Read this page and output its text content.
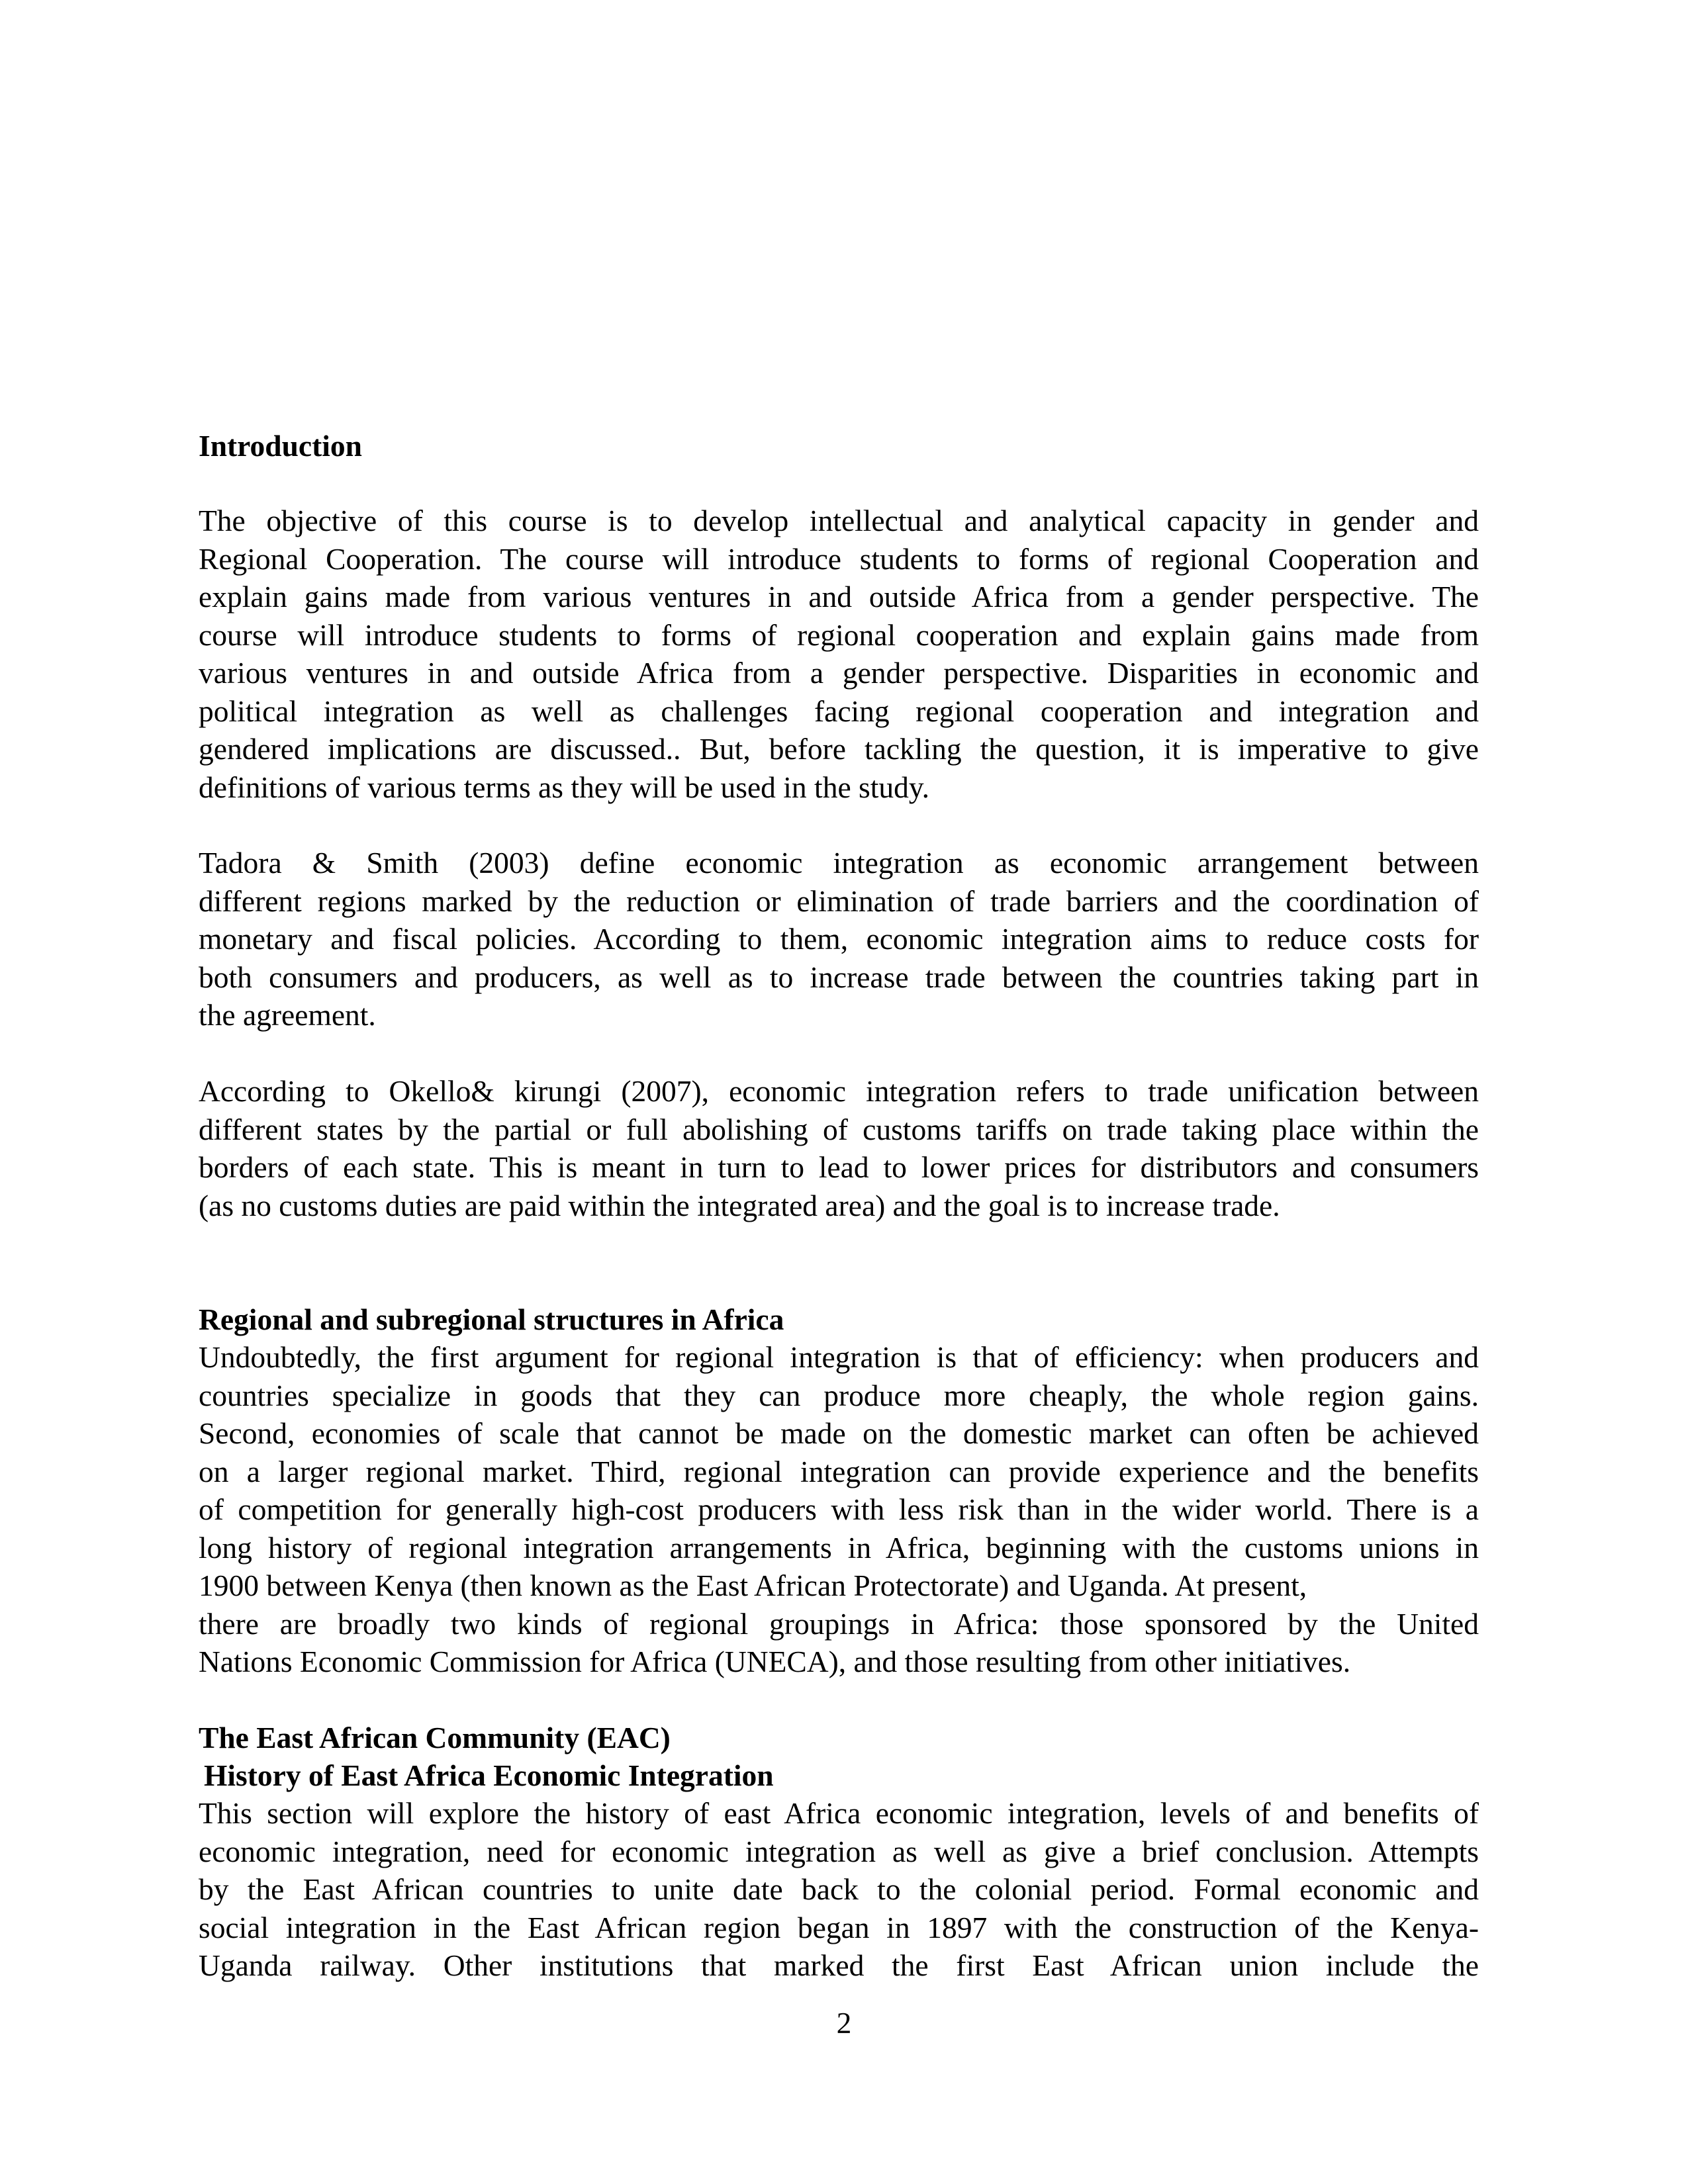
Introduction
The objective of this course is to develop intellectual and analytical capacity in gender and
Regional Cooperation. The course will introduce students to forms of regional Cooperation and
explain gains made from various ventures in and outside Africa from a gender perspective. The
course will introduce students to forms of regional cooperation and explain gains made from
various ventures in and outside Africa from a gender perspective. Disparities in economic and
political integration as well as challenges facing regional cooperation and integration and
gendered implications are discussed.. But, before tackling the question, it is imperative to give
definitions of various terms as they will be used in the study.
Tadora & Smith (2003) define economic integration as economic arrangement between
different regions marked by the reduction or elimination of trade barriers and the coordination of
monetary and fiscal policies. According to them, economic integration aims to reduce costs for
both consumers and producers, as well as to increase trade between the countries taking part in
the agreement.
According to Okello& kirungi (2007), economic integration refers to trade unification between
different states by the partial or full abolishing of customs tariffs on trade taking place within the
borders of each state. This is meant in turn to lead to lower prices for distributors and consumers
(as no customs duties are paid within the integrated area) and the goal is to increase trade.
Regional and subregional structures in Africa
Undoubtedly, the first argument for regional integration is that of efficiency: when producers and
countries specialize in goods that they can produce more cheaply, the whole region gains.
Second, economies of scale that cannot be made on the domestic market can often be achieved
on a larger regional market. Third, regional integration can provide experience and the benefits
of competition for generally high-cost producers with less risk than in the wider world. There is a
long history of regional integration arrangements in Africa, beginning with the customs unions in
1900 between Kenya (then known as the East African Protectorate) and Uganda. At present,
there are broadly two kinds of regional groupings in Africa: those sponsored by the United
Nations Economic Commission for Africa (UNECA), and those resulting from other initiatives.
The East African Community (EAC)
History of East Africa Economic Integration
This section will explore the history of east Africa economic integration, levels of and benefits of
economic integration, need for economic integration as well as give a brief conclusion. Attempts
by the East African countries to unite date back to the colonial period. Formal economic and
social integration in the East African region began in 1897 with the construction of the Kenya-
Uganda railway. Other institutions that marked the first East African union include the
2
